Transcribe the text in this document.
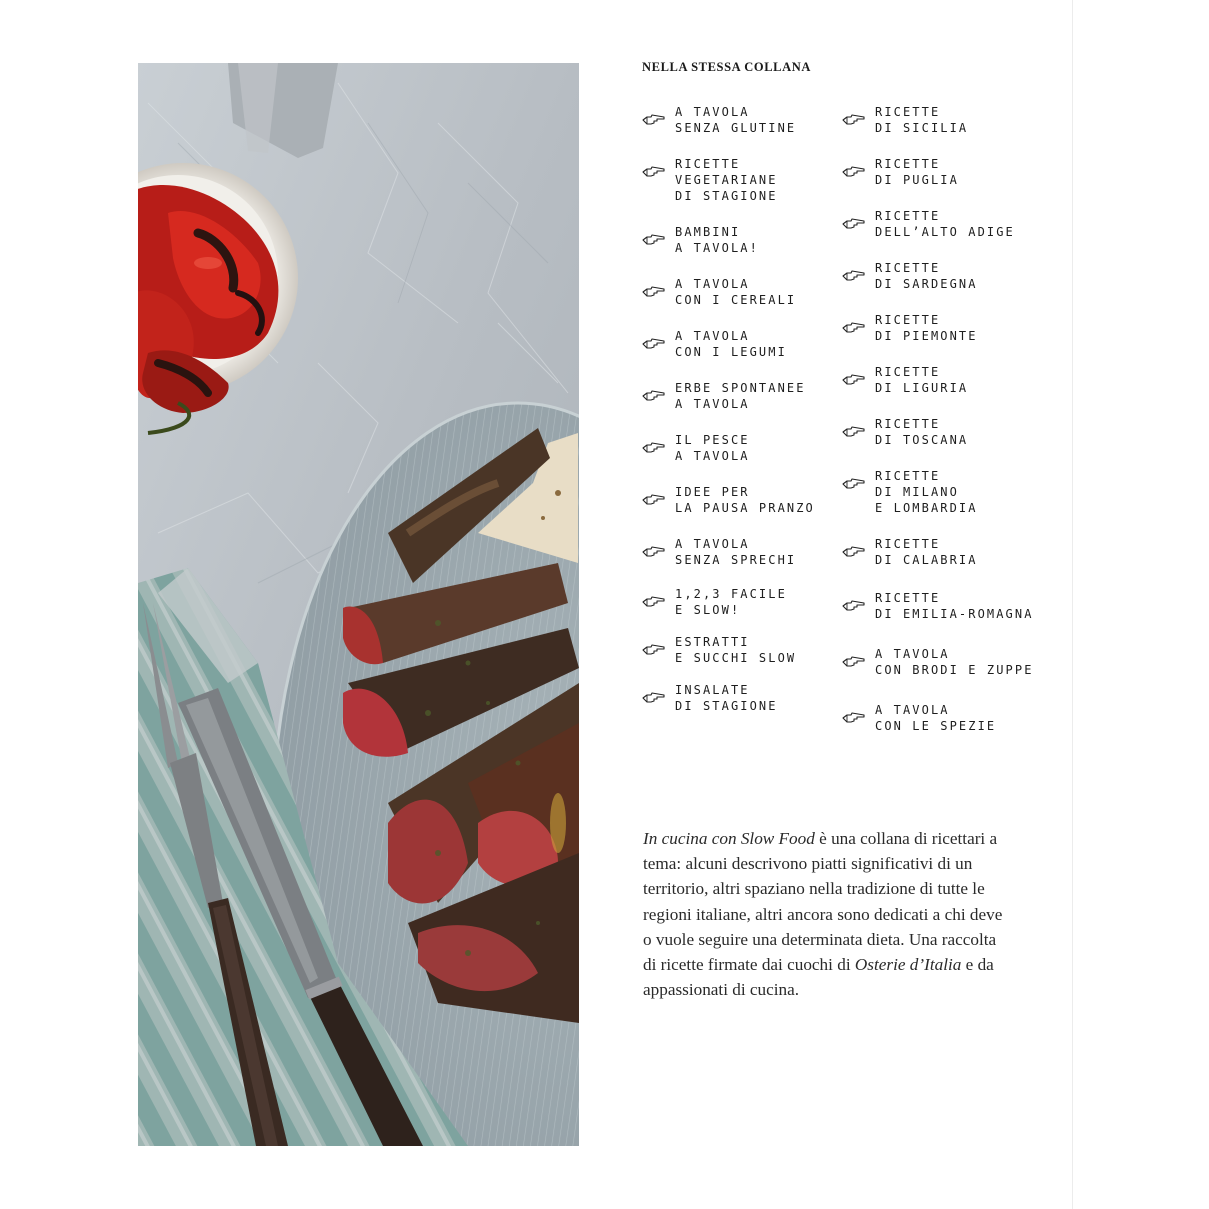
NELLA STESSA COLLANA
A TAVOLA
SENZA GLUTINE
RICETTE
VEGETARIANE
DI STAGIONE
BAMBINI
A TAVOLA!
A TAVOLA
CON I CEREALI
A TAVOLA
CON I LEGUMI
ERBE SPONTANEE
A TAVOLA
IL PESCE
A TAVOLA
IDEE PER
LA PAUSA PRANZO
A TAVOLA
SENZA SPRECHI
1,2,3 FACILE
E SLOW!
ESTRATTI
E SUCCHI SLOW
INSALATE
DI STAGIONE
RICETTE
DI SICILIA
RICETTE
DI PUGLIA
RICETTE
DELL’ALTO ADIGE
RICETTE
DI SARDEGNA
RICETTE
DI PIEMONTE
RICETTE
DI LIGURIA
RICETTE
DI TOSCANA
RICETTE
DI MILANO
E LOMBARDIA
RICETTE
DI CALABRIA
RICETTE
DI EMILIA-ROMAGNA
A TAVOLA
CON BRODI E ZUPPE
A TAVOLA
CON LE SPEZIE

In cucina con Slow Food è una collana di ricettari a tema: alcuni descrivono piatti significativi di un territorio, altri spaziano nella tradizione di tutte le regioni italiane, altri ancora sono dedicati a chi deve o vuole seguire una determinata dieta. Una raccolta di ricette firmate dai cuochi di Osterie d’Italia e da appassionati di cucina.
